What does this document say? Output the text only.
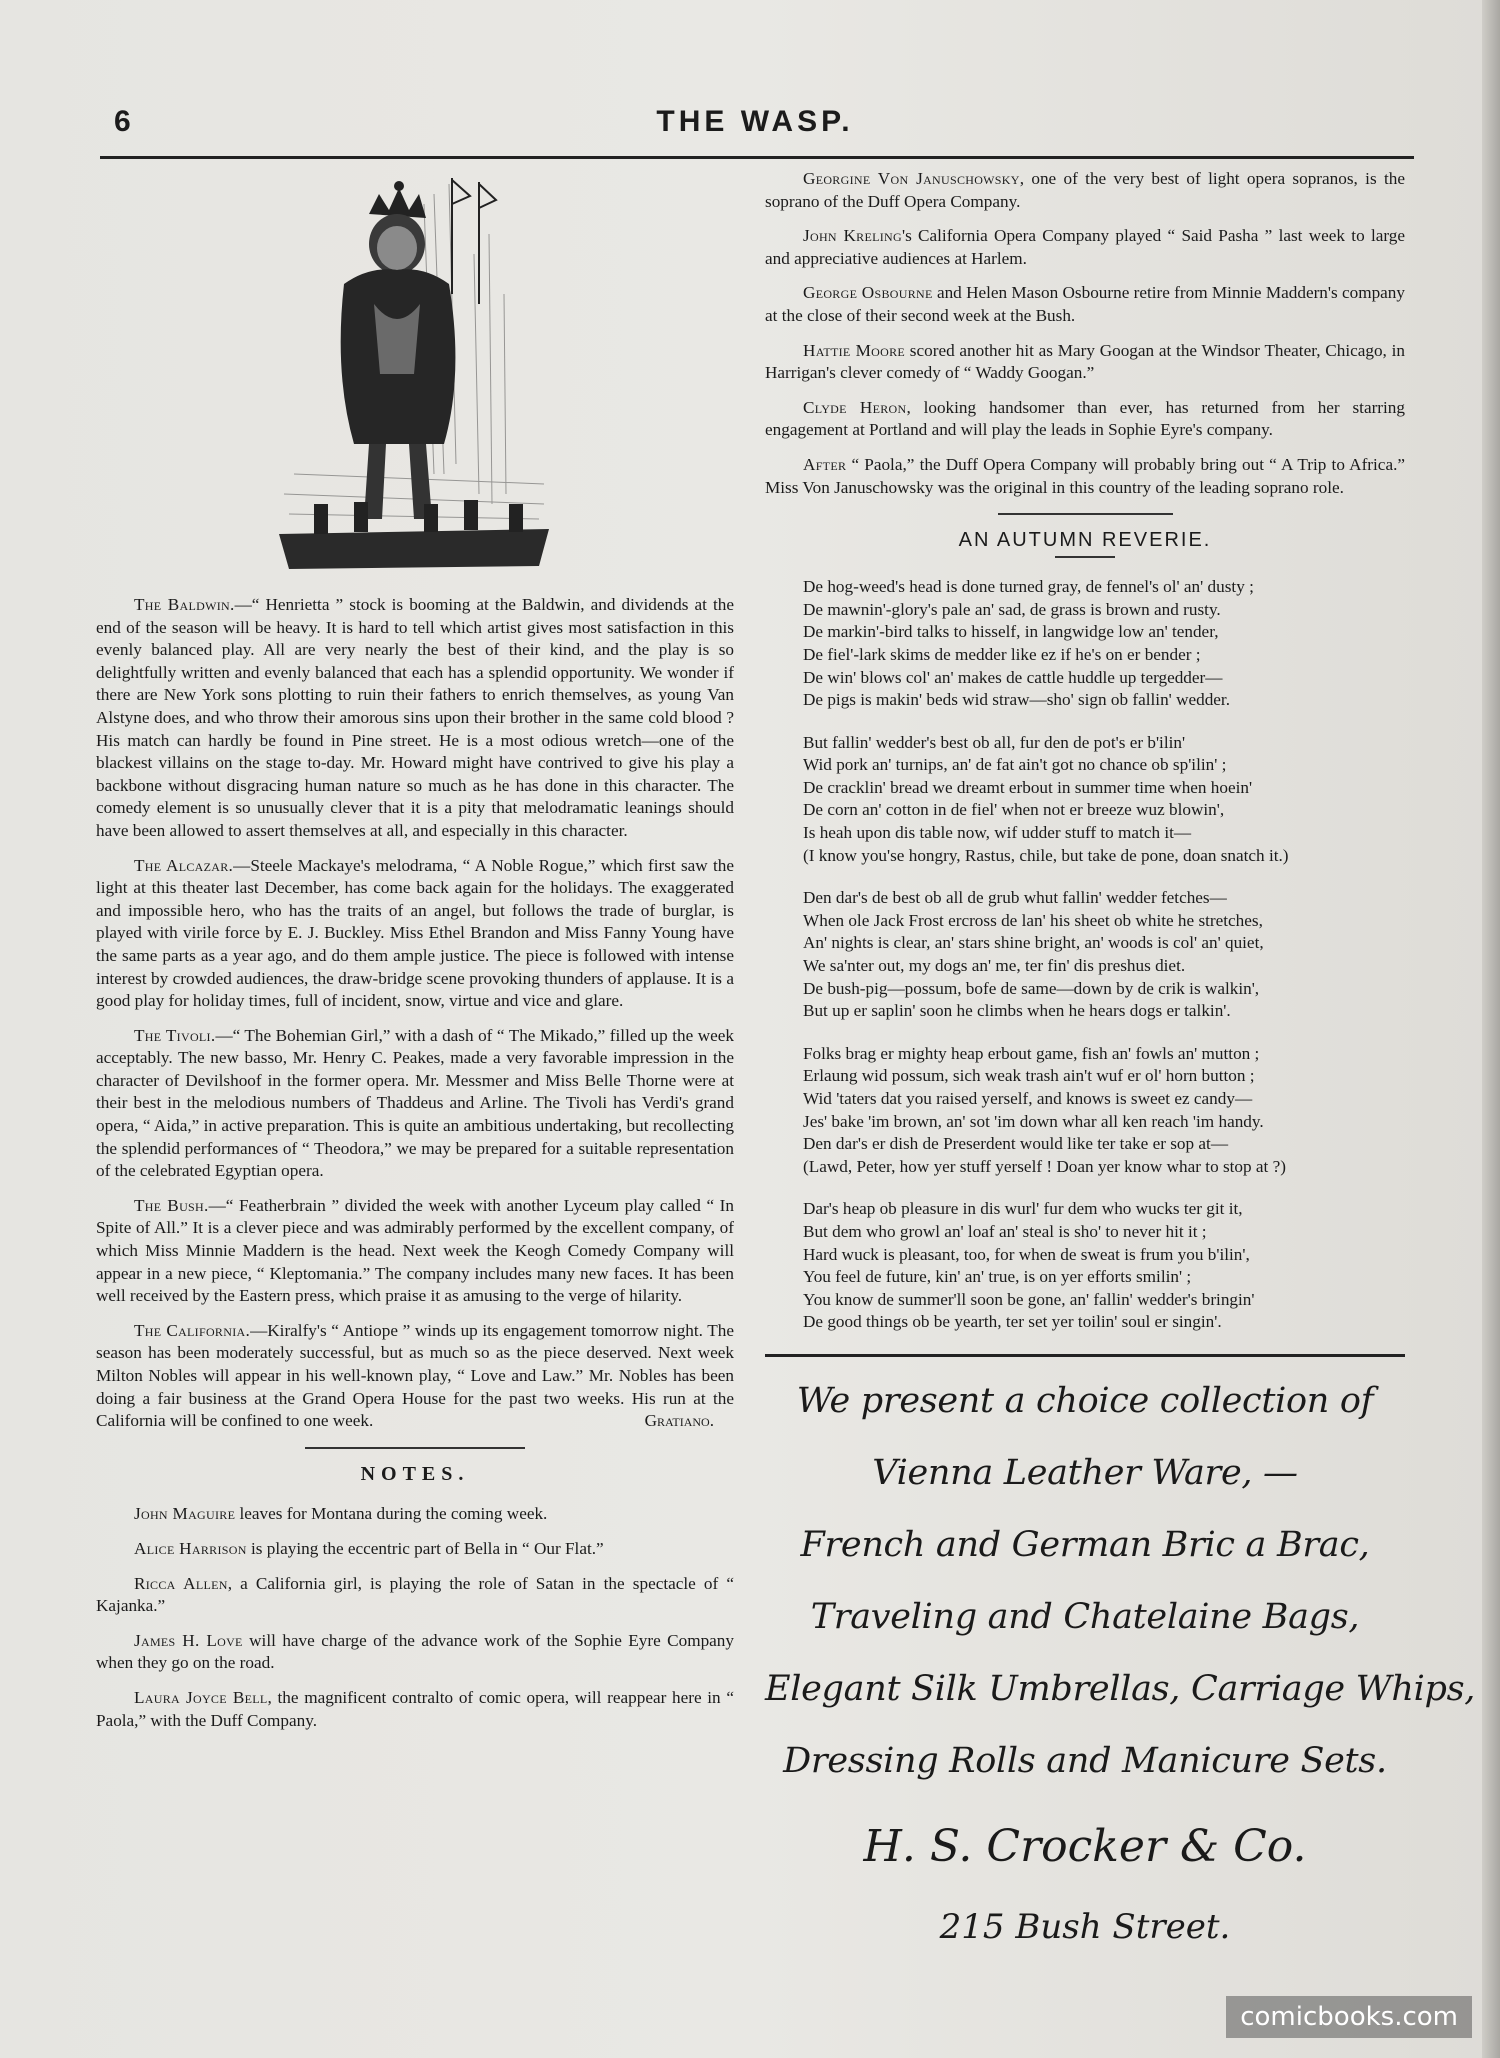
6	THE WASP.

The Baldwin.—“ Henrietta ” stock is booming at the Baldwin, and dividends at the end of the season will be heavy. It is hard to tell which artist gives most satisfaction in this evenly balanced play. All are very nearly the best of their kind, and the play is so delightfully written and evenly balanced that each has a splendid opportunity. We wonder if there are New York sons plotting to ruin their fathers to enrich themselves, as young Van Alstyne does, and who throw their amorous sins upon their brother in the same cold blood ? His match can hardly be found in Pine street. He is a most odious wretch—one of the blackest villains on the stage to-day. Mr. Howard might have contrived to give his play a backbone without disgracing human nature so much as he has done in this character. The comedy element is so unusually clever that it is a pity that melodramatic leanings should have been allowed to assert themselves at all, and especially in this character.

The Alcazar.—Steele Mackaye's melodrama, “ A Noble Rogue,” which first saw the light at this theater last December, has come back again for the holidays. The exaggerated and impossible hero, who has the traits of an angel, but follows the trade of burglar, is played with virile force by E. J. Buckley. Miss Ethel Brandon and Miss Fanny Young have the same parts as a year ago, and do them ample justice. The piece is followed with intense interest by crowded audiences, the draw-bridge scene provoking thunders of applause. It is a good play for holiday times, full of incident, snow, virtue and vice and glare.

The Tivoli.—“ The Bohemian Girl,” with a dash of “ The Mikado,” filled up the week acceptably. The new basso, Mr. Henry C. Peakes, made a very favorable impression in the character of Devilshoof in the former opera. Mr. Messmer and Miss Belle Thorne were at their best in the melodious numbers of Thaddeus and Arline. The Tivoli has Verdi's grand opera, “ Aida,” in active preparation. This is quite an ambitious undertaking, but recollecting the splendid performances of “ Theodora,” we may be prepared for a suitable representation of the celebrated Egyptian opera.

The Bush.—“ Featherbrain ” divided the week with another Lyceum play called “ In Spite of All.” It is a clever piece and was admirably performed by the excellent company, of which Miss Minnie Maddern is the head. Next week the Keogh Comedy Company will appear in a new piece, “ Kleptomania.” The company includes many new faces. It has been well received by the Eastern press, which praise it as amusing to the verge of hilarity.

The California.—Kiralfy's “ Antiope ” winds up its engagement tomorrow night. The season has been moderately successful, but as much so as the piece deserved. Next week Milton Nobles will appear in his well-known play, “ Love and Law.” Mr. Nobles has been doing a fair business at the Grand Opera House for the past two weeks. His run at the California will be confined to one week.	Gratiano.

NOTES.

John Maguire leaves for Montana during the coming week.

Alice Harrison is playing the eccentric part of Bella in “ Our Flat.”

Ricca Allen, a California girl, is playing the role of Satan in the spectacle of “ Kajanka.”

James H. Love will have charge of the advance work of the Sophie Eyre Company when they go on the road.

Laura Joyce Bell, the magnificent contralto of comic opera, will reappear here in “ Paola,” with the Duff Company.

Georgine Von Januschowsky, one of the very best of light opera sopranos, is the soprano of the Duff Opera Company.

John Kreling's California Opera Company played “ Said Pasha ” last week to large and appreciative audiences at Harlem.

George Osbourne and Helen Mason Osbourne retire from Minnie Maddern's company at the close of their second week at the Bush.

Hattie Moore scored another hit as Mary Googan at the Windsor Theater, Chicago, in Harrigan's clever comedy of “ Waddy Googan.”

Clyde Heron, looking handsomer than ever, has returned from her starring engagement at Portland and will play the leads in Sophie Eyre's company.

After “ Paola,” the Duff Opera Company will probably bring out “ A Trip to Africa.” Miss Von Januschowsky was the original in this country of the leading soprano role.

AN AUTUMN REVERIE.
De hog-weed's head is done turned gray, de fennel's ol' an' dusty ;
De mawnin'-glory's pale an' sad, de grass is brown and rusty.
De markin'-bird talks to hisself, in langwidge low an' tender,
De fiel'-lark skims de medder like ez if he's on er bender ;
De win' blows col' an' makes de cattle huddle up tergedder—
De pigs is makin' beds wid straw—sho' sign ob fallin' wedder.
But fallin' wedder's best ob all, fur den de pot's er b'ilin'
Wid pork an' turnips, an' de fat ain't got no chance ob sp'ilin' ;
De cracklin' bread we dreamt erbout in summer time when hoein'
De corn an' cotton in de fiel' when not er breeze wuz blowin',
Is heah upon dis table now, wif udder stuff to match it—
(I know you'se hongry, Rastus, chile, but take de pone, doan snatch it.)
Den dar's de best ob all de grub whut fallin' wedder fetches—
When ole Jack Frost ercross de lan' his sheet ob white he stretches,
An' nights is clear, an' stars shine bright, an' woods is col' an' quiet,
We sa'nter out, my dogs an' me, ter fin' dis preshus diet.
De bush-pig—possum, bofe de same—down by de crik is walkin',
But up er saplin' soon he climbs when he hears dogs er talkin'.
Folks brag er mighty heap erbout game, fish an' fowls an' mutton ;
Erlaung wid possum, sich weak trash ain't wuf er ol' horn button ;
Wid 'taters dat you raised yerself, and knows is sweet ez candy—
Jes' bake 'im brown, an' sot 'im down whar all ken reach 'im handy.
Den dar's er dish de Preserdent would like ter take er sop at—
(Lawd, Peter, how yer stuff yerself ! Doan yer know whar to stop at ?)
Dar's heap ob pleasure in dis wurl' fur dem who wucks ter git it,
But dem who growl an' loaf an' steal is sho' to never hit it ;
Hard wuck is pleasant, too, for when de sweat is frum you b'ilin',
You feel de future, kin' an' true, is on yer efforts smilin' ;
You know de summer'll soon be gone, an' fallin' wedder's bringin'
De good things ob be yearth, ter set yer toilin' soul er singin'.
We present a choice collection of
Vienna Leather Ware, —
French and German Bric a Brac,
Traveling and Chatelaine Bags,
Elegant Silk Umbrellas, Carriage Whips,
Dressing Rolls and Manicure Sets.
H. S. Crocker & Co.
215 Bush Street.
comicbooks.com
